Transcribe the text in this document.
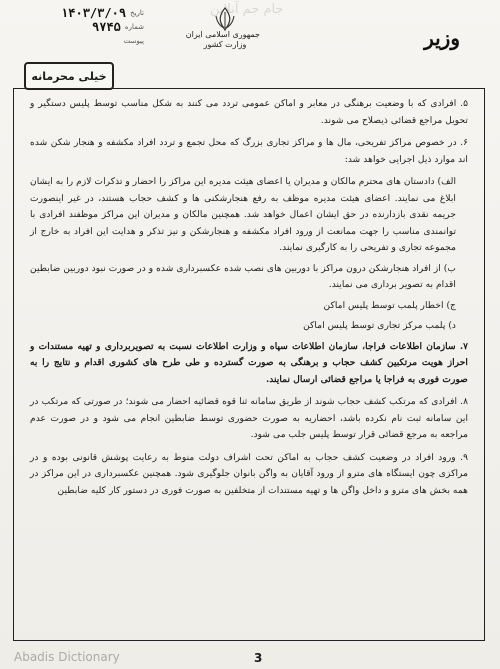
تاریخ
۱۴۰۳/۳/۰۹
شماره
۹۷۴۵
پیوست
جام جم آنلاین
جمهوری اسلامی ایران
وزارت کشور	وزیر
خیلی محرمانه

۵. افرادی که با وضعیت برهنگی در معابر و اماکن عمومی تردد می کنند به شکل مناسب توسط پلیس دستگیر و تحویل مراجع قضائی ذیصلاح می شوند.

۶. در خصوص مراکز تفریحی، مال ها و مراکز تجاری بزرگ که محل تجمع و تردد افراد مکشفه و هنجار شکن شده اند موارد ذیل اجرایی خواهد شد:

الف) دادستان های محترم مالکان و مدیران یا اعضای هیئت مدیره این مراکز را احضار و تذکرات لازم را به ایشان ابلاغ می نمایند. اعضای هیئت مدیره موظف به رفع هنجارشکنی ها و کشف حجاب هستند، در غیر اینصورت جریمه نقدی بازدارنده در حق ایشان اعمال خواهد شد. همچنین مالکان و مدیران این مراکز موظفند افرادی با توانمندی مناسب را جهت ممانعت از ورود افراد مکشفه و هنجارشکن و نیز تذکر و هدایت این افراد به خارج از مجموعه تجاری و تفریحی را به کارگیری نمایند.

ب) از افراد هنجارشکن درون مراکز با دوربین های نصب شده عکسبرداری شده و در صورت نبود دوربین ضابطین اقدام به تصویر برداری می نمایند.

ج) اخطار پلمب توسط پلیس اماکن

د) پلمب مرکز تجاری توسط پلیس اماکن

۷. سازمان اطلاعات فراجا، سازمان اطلاعات سپاه و وزارت اطلاعات نسبت به تصویربرداری و تهیه مستندات و احراز هویت مرتکبین کشف حجاب و برهنگی به صورت گسترده و طی طرح های کشوری اقدام و نتایج را به صورت فوری به فراجا یا مراجع قضائی ارسال نمایند.

۸. افرادی که مرتکب کشف حجاب شوند از طریق سامانه ثنا قوه قضائیه احضار می شوند؛ در صورتی که مرتکب در این سامانه ثبت نام نکرده باشد، احضاریه به صورت حضوری توسط ضابطین انجام می شود و در صورت عدم مراجعه به مرجع قضائی قرار توسط پلیس جلب می شود.

۹. ورود افراد در وضعیت کشف حجاب به اماکن تحت اشراف دولت منوط به رعایت پوشش قانونی بوده و در مراکزی چون ایستگاه های مترو از ورود آقایان به واگن بانوان جلوگیری شود. همچنین عکسبرداری در این مراکز در همه بخش های مترو و داخل واگن ها و تهیه مستندات از متخلفین به صورت فوری در دستور کار کلیه ضابطین

3
Abadis Dictionary
